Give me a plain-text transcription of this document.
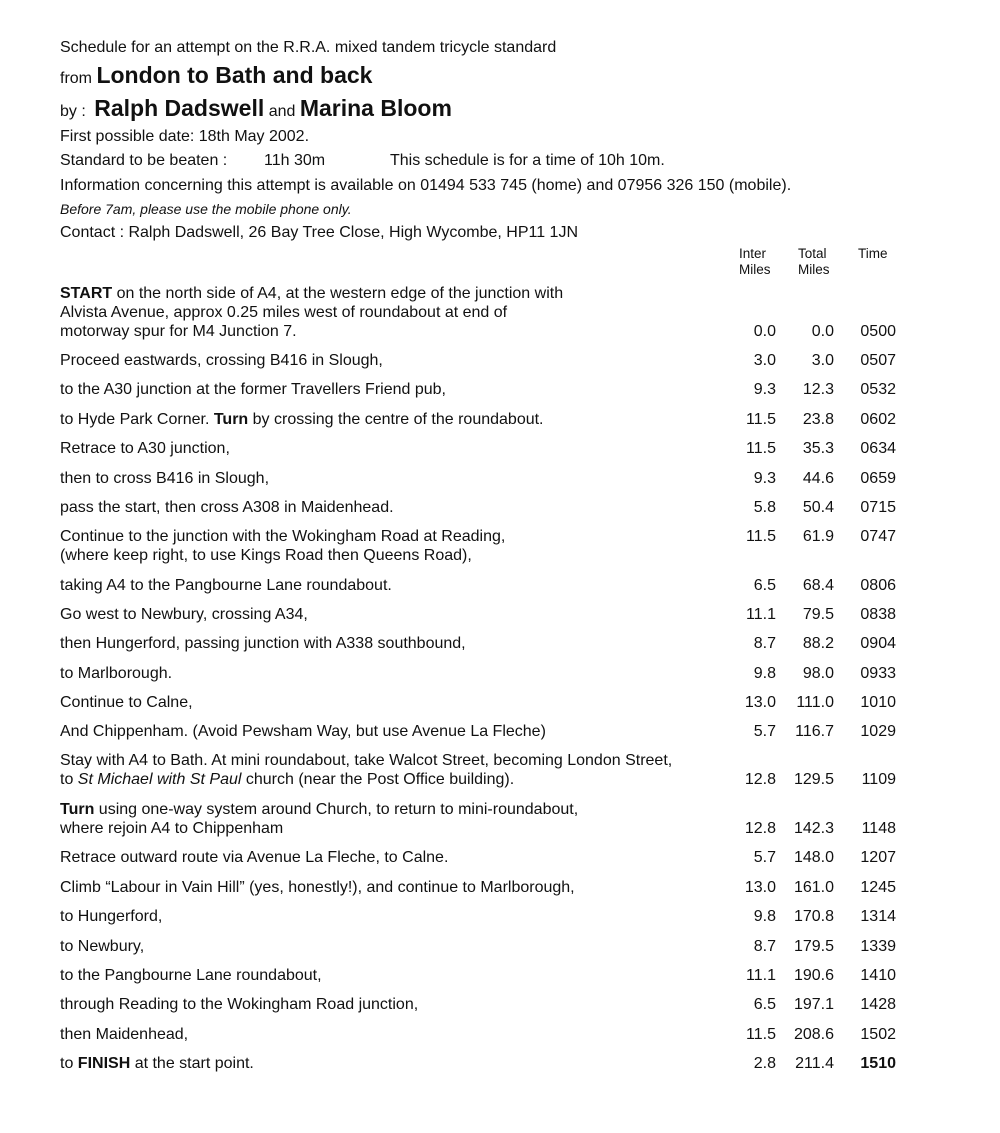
Schedule for an attempt on the R.R.A. mixed tandem tricycle standard
from London to Bath and back
by : Ralph Dadswell and Marina Bloom
First possible date: 18th May 2002.
Standard to be beaten : 11h 30m	This schedule is for a time of 10h 10m.
Information concerning this attempt is available on 01494 533 745 (home) and 07956 326 150 (mobile).
Before 7am, please use the mobile phone only.
Contact : Ralph Dadswell, 26 Bay Tree Close, High Wycombe, HP11 1JN
Inter
Miles
Total
Miles
Time
START on the north side of A4, at the western edge of the junction with
Alvista Avenue, approx 0.25 miles west of roundabout at end of
motorway spur for M4 Junction 7.	0.0	0.0	0500
Proceed eastwards, crossing B416 in Slough,	3.0	3.0	0507
to the A30 junction at the former Travellers Friend pub,	9.3	12.3	0532
to Hyde Park Corner. Turn by crossing the centre of the roundabout.	11.5	23.8	0602
Retrace to A30 junction,	11.5	35.3	0634
then to cross B416 in Slough,	9.3	44.6	0659
pass the start, then cross A308 in Maidenhead.	5.8	50.4	0715
Continue to the junction with the Wokingham Road at Reading,
(where keep right, to use Kings Road then Queens Road),
11.5	61.9	0747
taking A4 to the Pangbourne Lane roundabout.	6.5	68.4	0806
Go west to Newbury, crossing A34,	11.1	79.5	0838
then Hungerford, passing junction with A338 southbound,	8.7	88.2	0904
to Marlborough.	9.8	98.0	0933
Continue to Calne,	13.0	111.0	1010
And Chippenham. (Avoid Pewsham Way, but use Avenue La Fleche)	5.7	116.7	1029
Stay with A4 to Bath. At mini roundabout, take Walcot Street, becoming London Street,
to St Michael with St Paul church (near the Post Office building).	12.8 129.5	1109
Turn using one-way system around Church, to return to mini-roundabout,
where rejoin A4 to Chippenham	12.8 142.3	1148
Retrace outward route via Avenue La Fleche, to Calne.	5.7 148.0	1207
Climb “Labour in Vain Hill” (yes, honestly!), and continue to Marlborough,	13.0 161.0	1245
to Hungerford,	9.8 170.8	1314
to Newbury,	8.7 179.5	1339
to the Pangbourne Lane roundabout,	11.1 190.6	1410
through Reading to the Wokingham Road junction,	6.5 197.1	1428
then Maidenhead,	11.5 208.6	1502
to FINISH at the start point.	2.8	211.4	1510
